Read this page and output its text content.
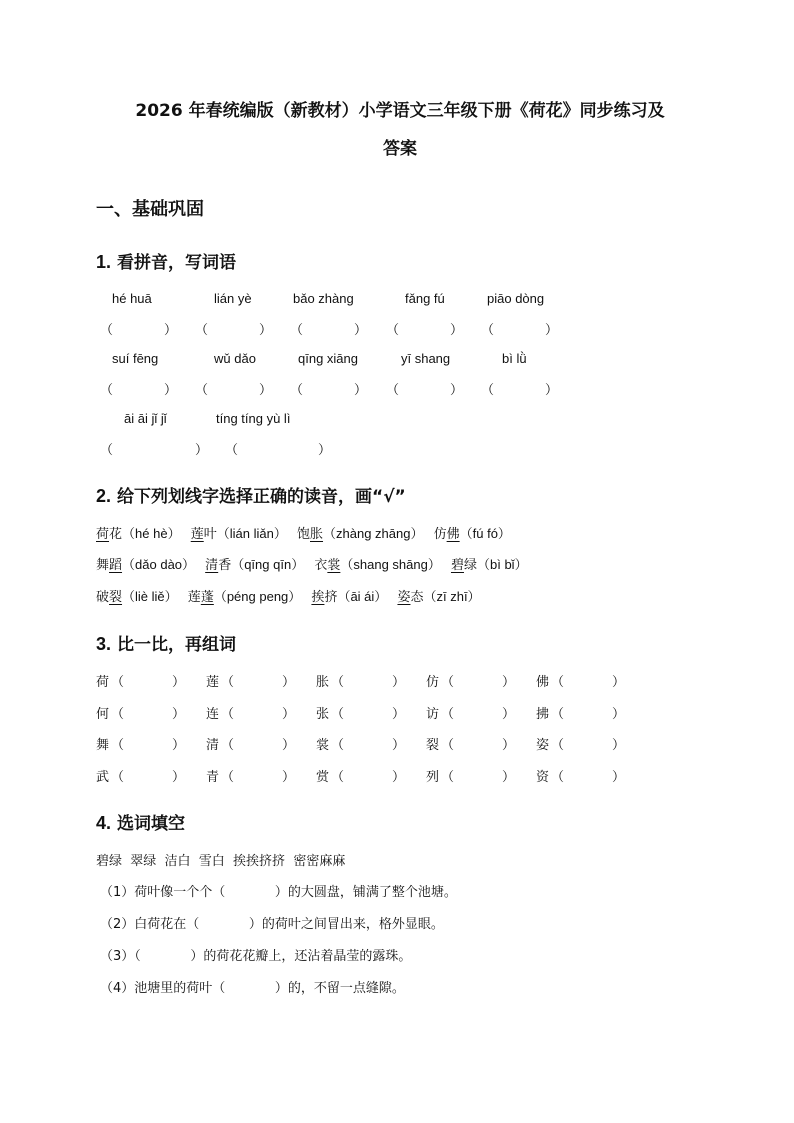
2026 年春统编版（新教材）小学语文三年级下册《荷花》同步练习及
答案
一、基础巩固
1. 看拼音，写词语
hé huā	lián yè	bǎo zhàng	fǎng fú	piāo dòng
（	） （	） （	） （	） （	）
suí fēng	wǔ dǎo	qīng xiāng	yī shang	bì lǜ
（	） （	） （	） （	） （	）
āi āi jǐ jǐ	tíng tíng yù lì
（	） （	）
2. 给下列划线字选择正确的读音，画“√”
荷花（hé hè） 莲叶（lián liǎn） 饱胀（zhàng zhāng） 仿佛（fú fó）
舞蹈（dǎo dào） 清香（qīng qīn） 衣裳（shang shāng） 碧绿（bì bǐ）
破裂（liè liě） 莲蓬（péng peng） 挨挤（āi ái） 姿态（zī zhī）
3. 比一比，再组词
荷 （	） 莲 （	） 胀 （	） 仿 （	） 佛 （	）
何 （	） 连 （	） 张 （	） 访 （	） 拂 （	）
舞 （	） 清 （	） 裳 （	） 裂 （	） 姿 （	）
武 （	） 青 （	） 赏 （	） 列 （	） 资 （	）
4. 选词填空
碧绿  翠绿  洁白  雪白  挨挨挤挤  密密麻麻
（1）荷叶像一个个（            ）的大圆盘，铺满了整个池塘。
（2）白荷花在（            ）的荷叶之间冒出来，格外显眼。
（3）（            ）的荷花花瓣上，还沾着晶莹的露珠。
（4）池塘里的荷叶（            ）的，不留一点缝隙。
